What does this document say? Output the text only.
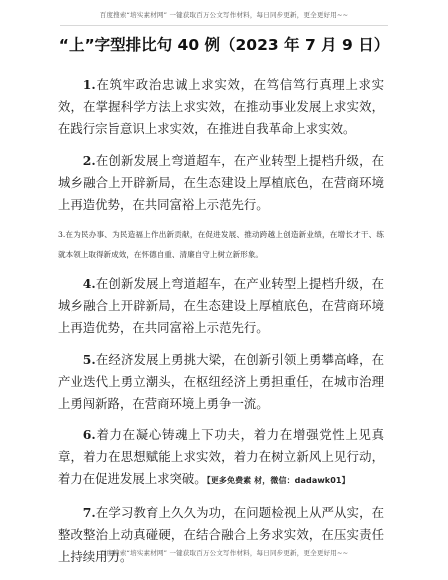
百度搜索“培实素材网” 一键获取百万公文写作材料，每日同步更新，更全更好用~~
“上”字型排比句 40 例（2023 年 7 月 9 日）

1.在筑牢政治忠诚上求实效，在笃信笃行真理上求实效，在掌握科学方法上求实效，在推动事业发展上求实效，在践行宗旨意识上求实效，在推进自我革命上求实效。

2.在创新发展上弯道超车，在产业转型上提档升级，在城乡融合上开辟新局，在生态建设上厚植底色，在营商环境上再造优势，在共同富裕上示范先行。

3.在为民办事、为民造福上作出新贡献，在促进发展、推动跨越上创造新业绩，在增长才干、练就本领上取得新成效，在怀德自重、清廉自守上树立新形象。

4.在创新发展上弯道超车，在产业转型上提档升级，在城乡融合上开辟新局，在生态建设上厚植底色，在营商环境上再造优势，在共同富裕上示范先行。

5.在经济发展上勇挑大梁，在创新引领上勇攀高峰，在产业迭代上勇立潮头，在枢纽经济上勇担重任，在城市治理上勇闯新路，在营商环境上勇争一流。

6.着力在凝心铸魂上下功夫，着力在增强党性上见真章，着力在思想赋能上求实效，着力在树立新风上见行动，着力在促进发展上求突破。【更多免费素 材，微信：dadawk01】

7.在学习教育上久久为功，在问题检视上从严从实，在整改整治上动真碰硬，在结合融合上务求实效，在压实责任上持续用力。

百度搜索“培实素材网” 一键获取百万公文写作材料，每日同步更新，更全更好用~~
